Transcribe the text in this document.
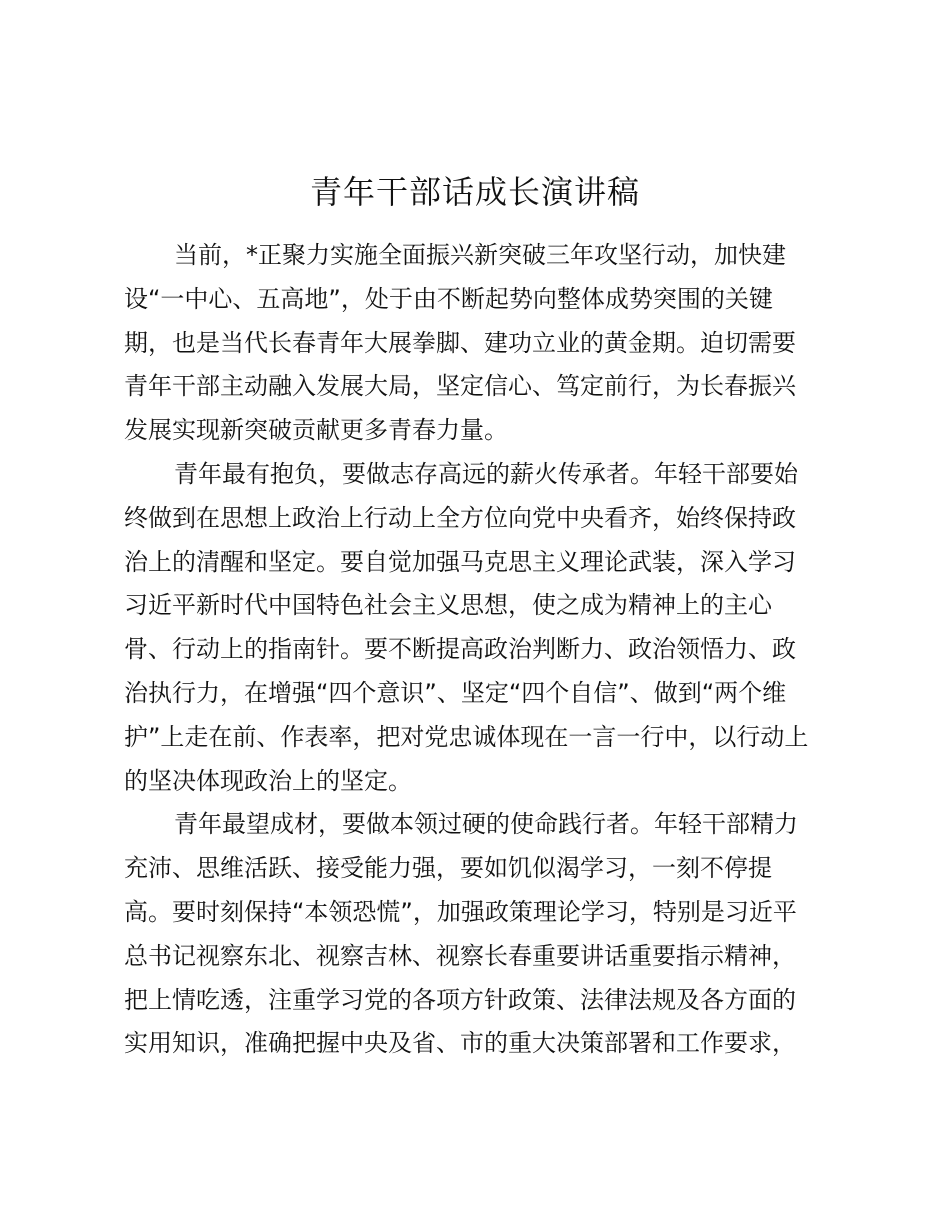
青年干部话成长演讲稿
当前，*正聚力实施全面振兴新突破三年攻坚行动，加快建
设“一中心、五高地”，处于由不断起势向整体成势突围的关键
期，也是当代长春青年大展拳脚、建功立业的黄金期。迫切需要
青年干部主动融入发展大局，坚定信心、笃定前行，为长春振兴
发展实现新突破贡献更多青春力量。
青年最有抱负，要做志存高远的薪火传承者。年轻干部要始
终做到在思想上政治上行动上全方位向党中央看齐，始终保持政
治上的清醒和坚定。要自觉加强马克思主义理论武装，深入学习
习近平新时代中国特色社会主义思想，使之成为精神上的主心
骨、行动上的指南针。要不断提高政治判断力、政治领悟力、政
治执行力，在增强“四个意识”、坚定“四个自信”、做到“两个维
护”上走在前、作表率，把对党忠诚体现在一言一行中，以行动上
的坚决体现政治上的坚定。
青年最望成材，要做本领过硬的使命践行者。年轻干部精力
充沛、思维活跃、接受能力强，要如饥似渴学习，一刻不停提
高。要时刻保持“本领恐慌”，加强政策理论学习，特别是习近平
总书记视察东北、视察吉林、视察长春重要讲话重要指示精神，
把上情吃透，注重学习党的各项方针政策、法律法规及各方面的
实用知识，准确把握中央及省、市的重大决策部署和工作要求，
